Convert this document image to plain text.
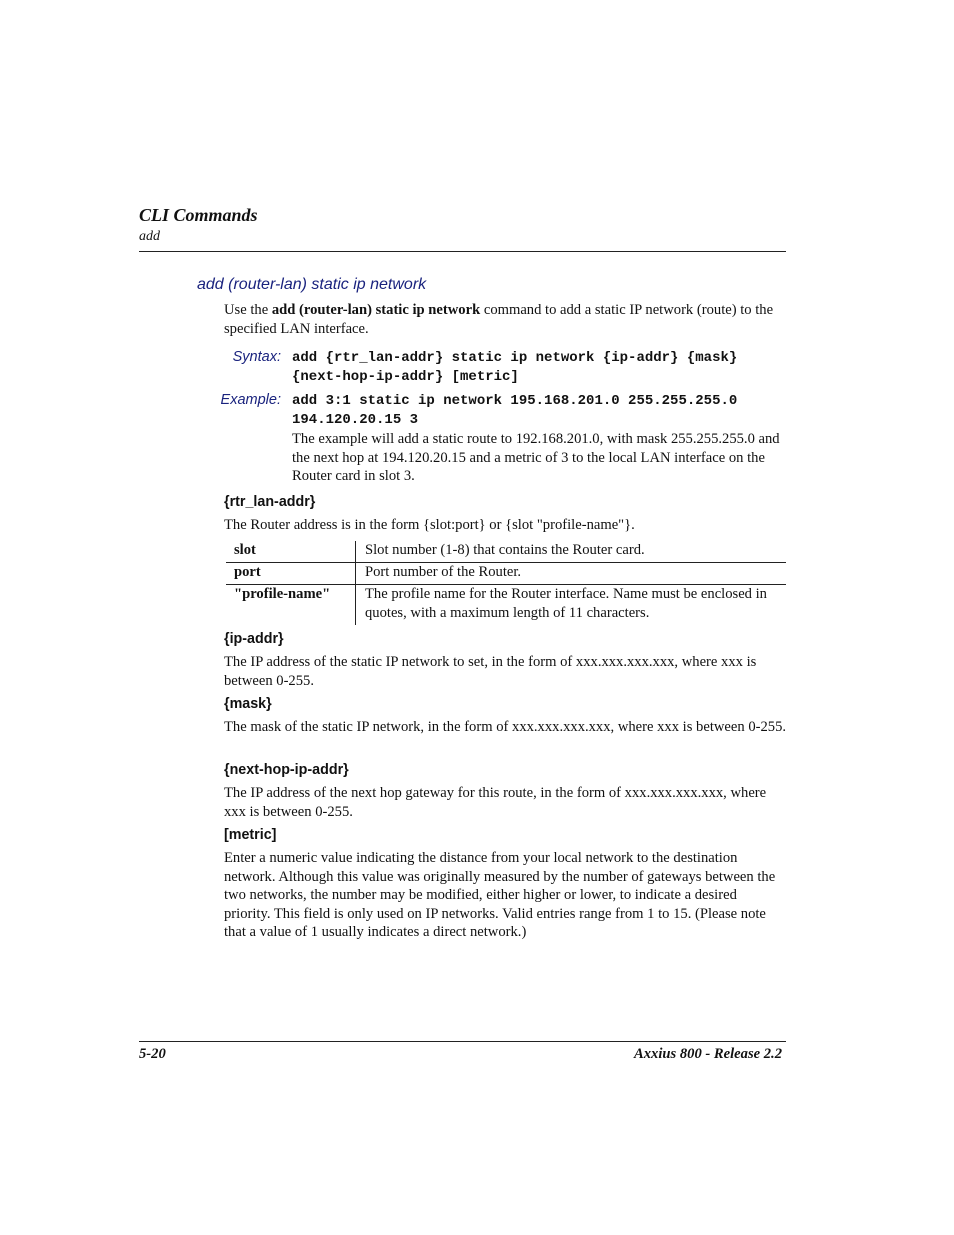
CLI Commands
add
add (router-lan) static ip network
Use the add (router-lan) static ip network command to add a static IP network (route) to the specified LAN interface.
Syntax: add {rtr_lan-addr} static ip network {ip-addr} {mask}
{next-hop-ip-addr} [metric]
Example: add 3:1 static ip network 195.168.201.0 255.255.255.0
194.120.20.15 3
The example will add a static route to 192.168.201.0, with mask 255.255.255.0 and the next hop at 194.120.20.15 and a metric of 3 to the local LAN interface on the Router card in slot 3.
{rtr_lan-addr}
The Router address is in the form {slot:port} or {slot "profile-name"}.
slot	Slot number (1-8) that contains the Router card.
port	Port number of the Router.
"profile-name"	The profile name for the Router interface. Name must be enclosed in quotes, with a maximum length of 11 characters.
{ip-addr}
The IP address of the static IP network to set, in the form of xxx.xxx.xxx.xxx, where xxx is between 0-255.
{mask}
The mask of the static IP network, in the form of xxx.xxx.xxx.xxx, where xxx is between 0-255.
{next-hop-ip-addr}
The IP address of the next hop gateway for this route, in the form of xxx.xxx.xxx.xxx, where xxx is between 0-255.
[metric]
Enter a numeric value indicating the distance from your local network to the destination network. Although this value was originally measured by the number of gateways between the two networks, the number may be modified, either higher or lower, to indicate a desired priority. This field is only used on IP networks. Valid entries range from 1 to 15. (Please note that a value of 1 usually indicates a direct network.)
5-20	Axxius 800 - Release 2.2
